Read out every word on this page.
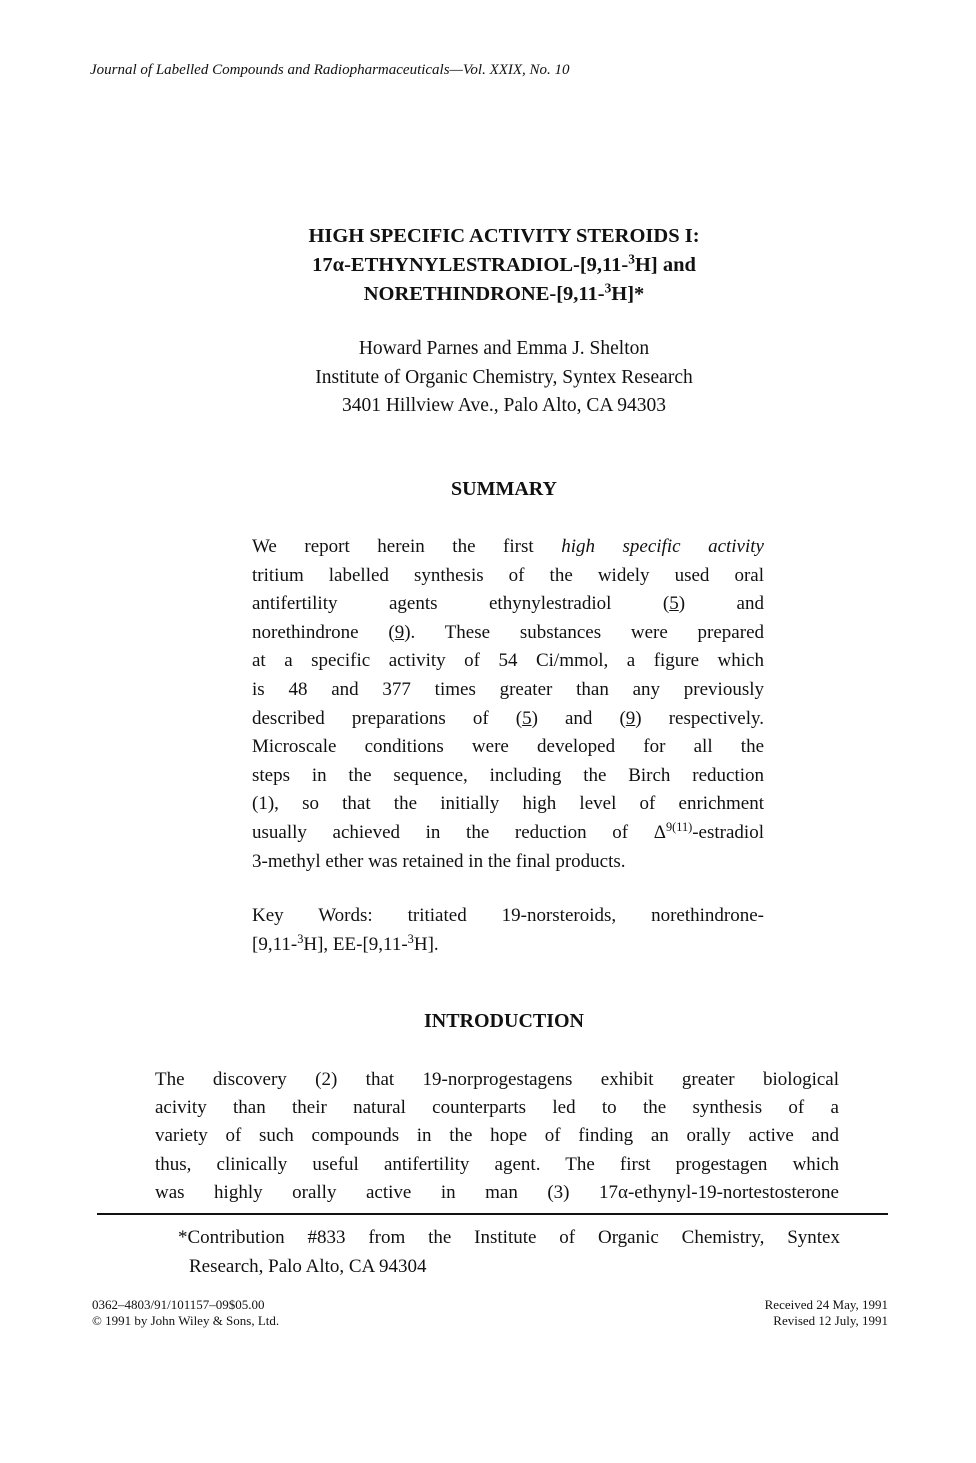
Journal of Labelled Compounds and Radiopharmaceuticals—Vol. XXIX, No. 10
HIGH SPECIFIC ACTIVITY STEROIDS I:
17α-ETHYNYLESTRADIOL-[9,11-$^3$H] and
NORETHINDRONE-[9,11-$^3$H]*
Howard Parnes and Emma J. Shelton
Institute of Organic Chemistry, Syntex Research
3401 Hillview Ave., Palo Alto, CA 94303
SUMMARY
We report herein the first high specific activity
tritium labelled synthesis of the widely used oral
antifertility agents ethynylestradiol (5) and
norethindrone (9). These substances were prepared
at a specific activity of 54 Ci/mmol, a figure which
is 48 and 377 times greater than any previously
described preparations of (5) and (9) respectively.
Microscale conditions were developed for all the
steps in the sequence, including the Birch reduction
(1), so that the initially high level of enrichment
usually achieved in the reduction of $\Delta^{9(11)}$-estradiol
3-methyl ether was retained in the final products.
Key Words: tritiated 19-norsteroids, norethindrone-
[9,11-$^3$H], EE-[9,11-$^3$H].
INTRODUCTION
The discovery (2) that 19-norprogestagens exhibit greater biological
acivity than their natural counterparts led to the synthesis of a
variety of such compounds in the hope of finding an orally active and
thus, clinically useful antifertility agent. The first progestagen which
was highly orally active in man (3) 17α-ethynyl-19-nortestosterone
*Contribution #833 from the Institute of Organic Chemistry, Syntex
Research, Palo Alto, CA 94304
0362–4803/91/101157–09$05.00
© 1991 by John Wiley & Sons, Ltd.
Received 24 May, 1991
Revised 12 July, 1991
